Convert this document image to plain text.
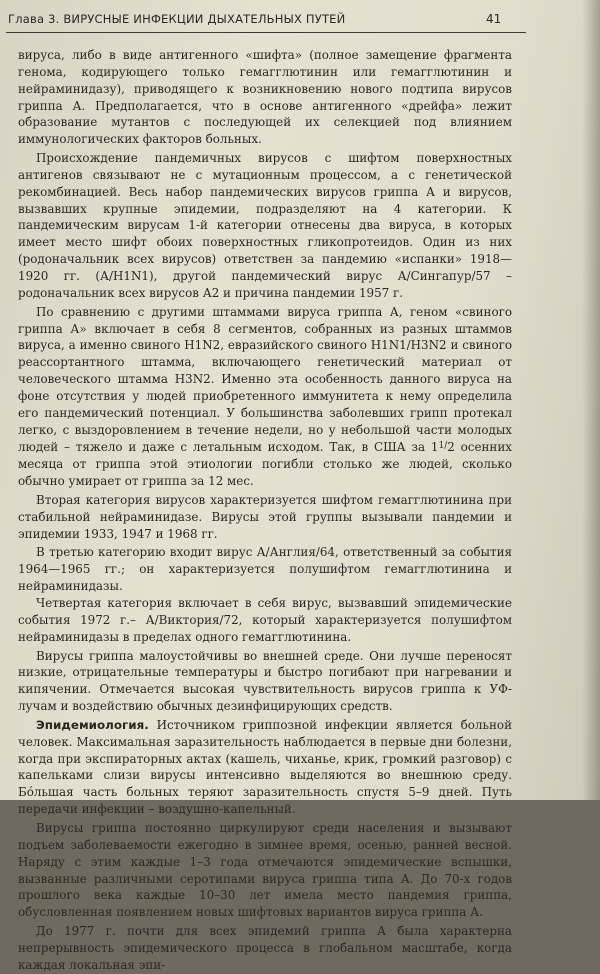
Глава 3. ВИРУСНЫЕ ИНФЕКЦИИ ДЫХАТЕЛЬНЫХ ПУТЕЙ	41

вируса, либо в виде антигенного «шифта» (полное замещение фрагмента генома, кодирующего только гемагглютинин или гемагглютинин и нейраминидазу), приводящего к возникновению нового подтипа вирусов гриппа А. Предполагается, что в основе антигенного «дрейфа» лежит образование мутантов с последующей их селекцией под влиянием иммунологических факторов больных.

Происхождение пандемичных вирусов с шифтом поверхностных антигенов связывают не с мутационным процессом, а с генетической рекомбинацией. Весь набор пандемических вирусов гриппа А и вирусов, вызвавших крупные эпидемии, подразделяют на 4 категории. К пандемическим вирусам 1-й категории отнесены два вируса, в которых имеет место шифт обоих поверхностных гликопротеидов. Один из них (родоначальник всех вирусов) ответствен за пандемию «испанки» 1918—1920 гг. (А/H1N1), другой пандемический вирус А/Сингапур/57 – родоначальник всех вирусов А2 и причина пандемии 1957 г.

По сравнению с другими штаммами вируса гриппа А, геном «свиного гриппа А» включает в себя 8 сегментов, собранных из разных штаммов вируса, а именно свиного H1N2, евразийского свиного H1N1/H3N2 и свиного реассортантного штамма, включающего генетический материал от человеческого штамма H3N2. Именно эта особенность данного вируса на фоне отсутствия у людей приобретенного иммунитета к нему определила его пандемический потенциал. У большинства заболевших грипп протекал легко, с выздоровлением в течение недели, но у небольшой части молодых людей – тяжело и даже с летальным исходом. Так, в США за $1^{1/}2$ осенних месяца от гриппа этой этиологии погибли столько же людей, сколько обычно умирает от гриппа за 12 мес.

Вторая категория вирусов характеризуется шифтом гемагглютинина при стабильной нейраминидазе. Вирусы этой группы вызывали пандемии и эпидемии 1933, 1947 и 1968 гг.

В третью категорию входит вирус А/Англия/64, ответственный за события 1964—1965 гг.; он характеризуется полушифтом гемагглютинина и нейраминидазы.

Четвертая категория включает в себя вирус, вызвавший эпидемические события 1972 г.– А/Виктория/72, который характеризуется полушифтом нейраминидазы в пределах одного гемагглютинина.

Вирусы гриппа малоустойчивы во внешней среде. Они лучше переносят низкие, отрицательные температуры и быстро погибают при нагревании и кипячении. Отмечается высокая чувствительность вирусов гриппа к УФ-лучам и воздействию обычных дезинфицирующих средств.

Эпидемиология. Источником гриппозной инфекции является больной человек. Максимальная заразительность наблюдается в первые дни болезни, когда при экспираторных актах (кашель, чиханье, крик, громкий разговор) с капельками слизи вирусы интенсивно выделяются во внешнюю среду. Бóльшая часть больных теряют заразительность спустя 5–9 дней. Путь передачи инфекции – воздушно-капельный.

Вирусы гриппа постоянно циркулируют среди населения и вызывают подъем заболеваемости ежегодно в зимнее время, осенью, ранней весной. Наряду с этим каждые 1–3 года отмечаются эпидемические вспышки, вызванные различными серотипами вируса гриппа типа А. До 70-х годов прошлого века каждые 10–30 лет имела место пандемия гриппа, обусловленная появлением новых шифтовых вариантов вируса гриппа А.

До 1977 г. почти для всех эпидемий гриппа А была характерна непрерывность эпидемического процесса в глобальном масштабе, когда каждая локальная эпи-
